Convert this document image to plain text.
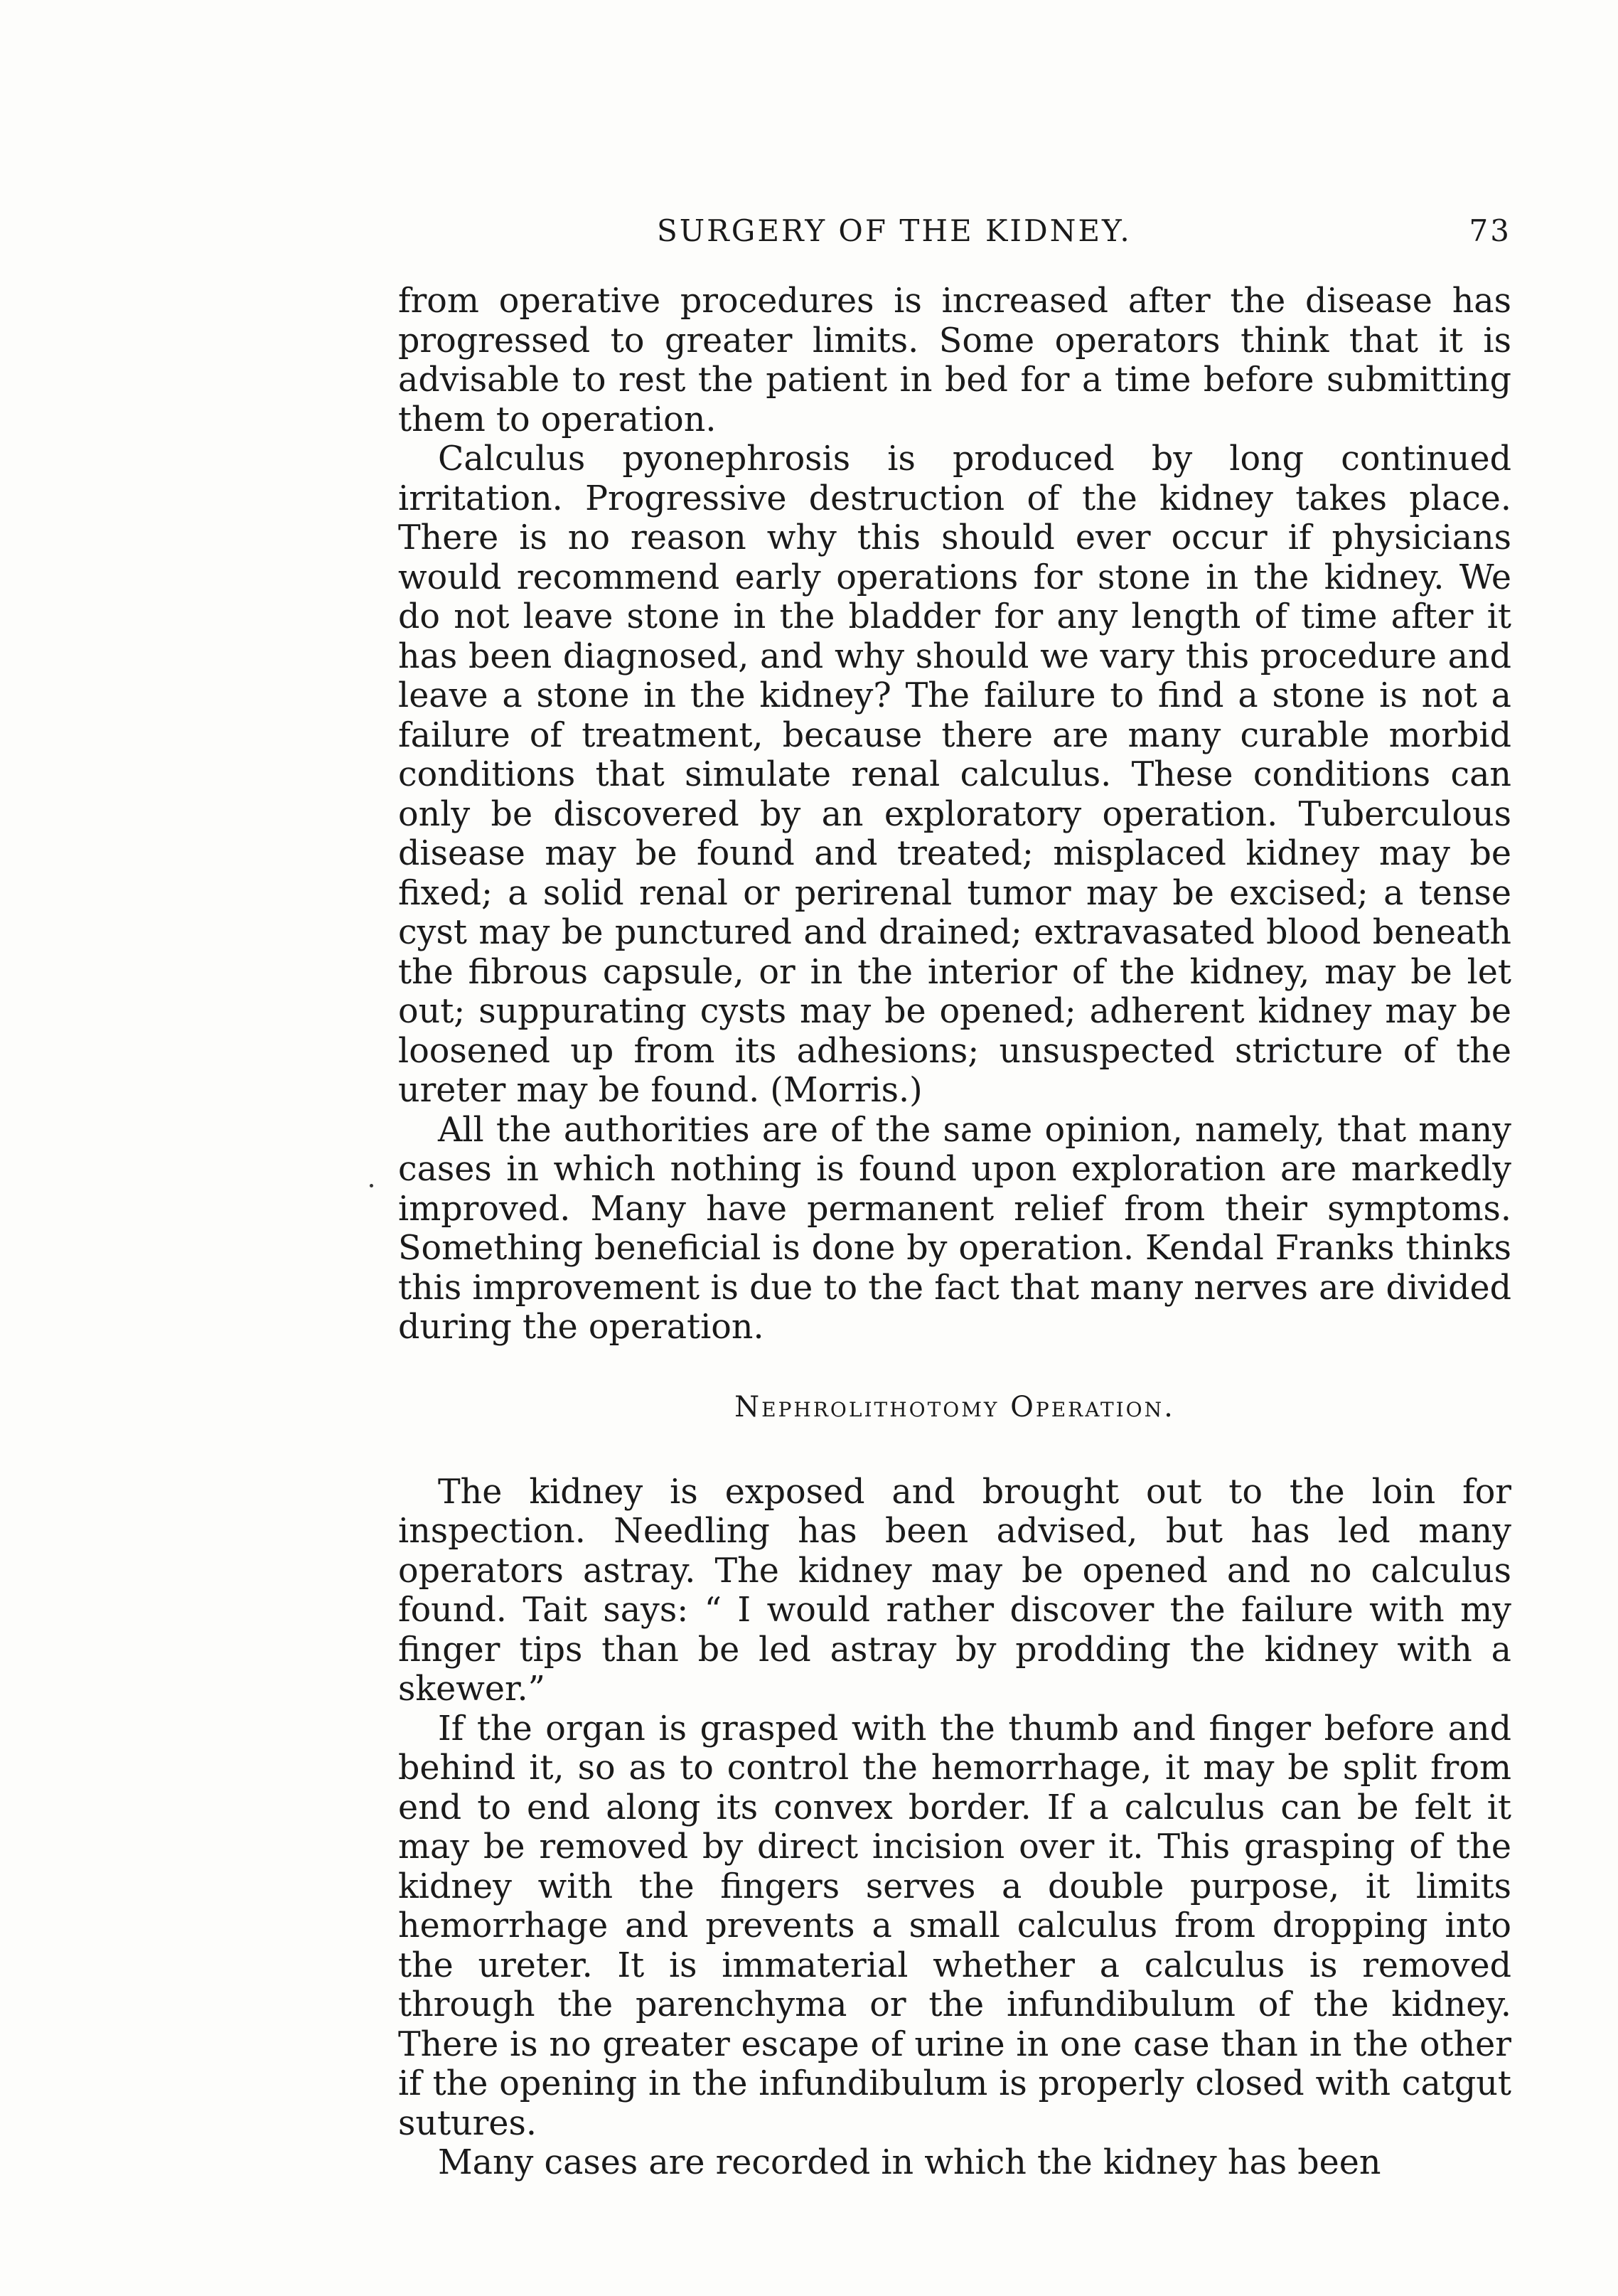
SURGERY OF THE KIDNEY.	73

from operative procedures is increased after the disease has progressed to greater limits. Some operators think that it is advisable to rest the patient in bed for a time before submitting them to operation.

Calculus pyonephrosis is produced by long continued irritation. Progressive destruction of the kidney takes place. There is no reason why this should ever occur if physicians would recommend early operations for stone in the kidney. We do not leave stone in the bladder for any length of time after it has been diagnosed, and why should we vary this procedure and leave a stone in the kidney? The failure to find a stone is not a failure of treatment, because there are many curable morbid conditions that simulate renal calculus. These conditions can only be discovered by an exploratory operation. Tuberculous disease may be found and treated; misplaced kidney may be fixed; a solid renal or perirenal tumor may be excised; a tense cyst may be punctured and drained; extravasated blood beneath the fibrous capsule, or in the interior of the kidney, may be let out; suppurating cysts may be opened; adherent kidney may be loosened up from its adhesions; unsuspected stricture of the ureter may be found. (Morris.)

All the authorities are of the same opinion, namely, that many cases in which nothing is found upon exploration are markedly improved. Many have permanent relief from their symptoms. Something beneficial is done by operation. Kendal Franks thinks this improvement is due to the fact that many nerves are divided during the operation.

Nephrolithotomy Operation.

The kidney is exposed and brought out to the loin for inspection. Needling has been advised, but has led many operators astray. The kidney may be opened and no calculus found. Tait says: “ I would rather discover the failure with my finger tips than be led astray by prodding the kidney with a skewer.”

If the organ is grasped with the thumb and finger before and behind it, so as to control the hemorrhage, it may be split from end to end along its convex border. If a calculus can be felt it may be removed by direct incision over it. This grasping of the kidney with the fingers serves a double purpose, it limits hemorrhage and prevents a small calculus from dropping into the ureter. It is immaterial whether a calculus is removed through the parenchyma or the infundibulum of the kidney. There is no greater escape of urine in one case than in the other if the opening in the infundibulum is properly closed with catgut sutures.

Many cases are recorded in which the kidney has been
